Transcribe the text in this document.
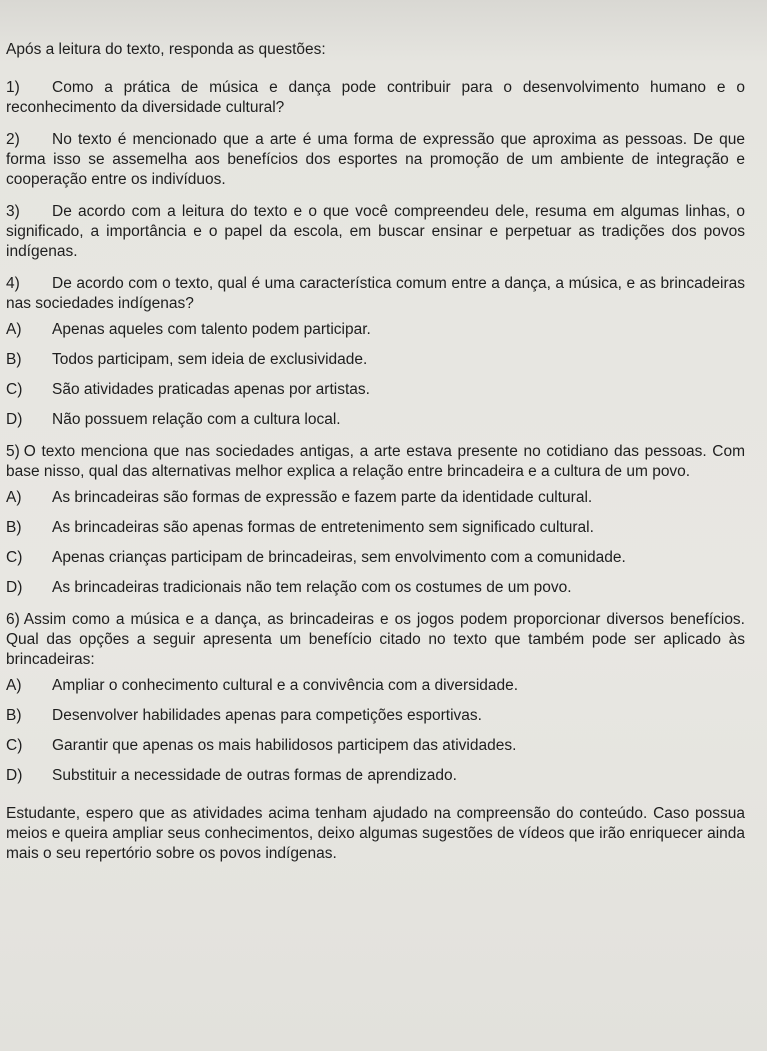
Após a leitura do texto, responda as questões:

1) Como a prática de música e dança pode contribuir para o desenvolvimento humano e o reconhecimento da diversidade cultural?

2) No texto é mencionado que a arte é uma forma de expressão que aproxima as pessoas. De que forma isso se assemelha aos benefícios dos esportes na promoção de um ambiente de integração e cooperação entre os indivíduos.

3) De acordo com a leitura do texto e o que você compreendeu dele, resuma em algumas linhas, o significado, a importância e o papel da escola, em buscar ensinar e perpetuar as tradições dos povos indígenas.

4) De acordo com o texto, qual é uma característica comum entre a dança, a música, e as brincadeiras nas sociedades indígenas?

A)	Apenas aqueles com talento podem participar.
B)	Todos participam, sem ideia de exclusividade.
C)	São atividades praticadas apenas por artistas.
D)	Não possuem relação com a cultura local.

5) O texto menciona que nas sociedades antigas, a arte estava presente no cotidiano das pessoas. Com base nisso, qual das alternativas melhor explica a relação entre brincadeira e a cultura de um povo.

A)	As brincadeiras são formas de expressão e fazem parte da identidade cultural.
B)	As brincadeiras são apenas formas de entretenimento sem significado cultural.
C)	Apenas crianças participam de brincadeiras, sem envolvimento com a comunidade.
D)	As brincadeiras tradicionais não tem relação com os costumes de um povo.

6) Assim como a música e a dança, as brincadeiras e os jogos podem proporcionar diversos benefícios. Qual das opções a seguir apresenta um benefício citado no texto que também pode ser aplicado às brincadeiras:

A)	Ampliar o conhecimento cultural e a convivência com a diversidade.
B)	Desenvolver habilidades apenas para competições esportivas.
C)	Garantir que apenas os mais habilidosos participem das atividades.
D)	Substituir a necessidade de outras formas de aprendizado.

Estudante, espero que as atividades acima tenham ajudado na compreensão do conteúdo. Caso possua meios e queira ampliar seus conhecimentos, deixo algumas sugestões de vídeos que irão enriquecer ainda mais o seu repertório sobre os povos indígenas.
